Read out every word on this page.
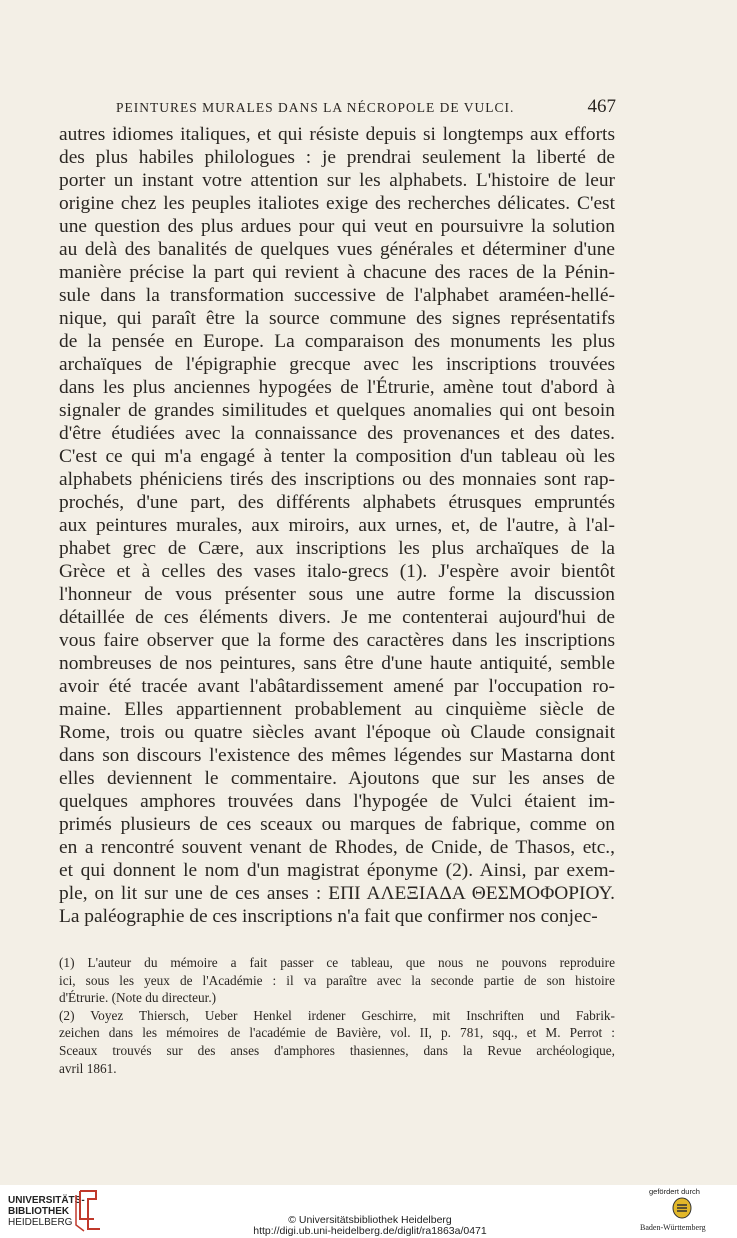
PEINTURES MURALES DANS LA NÉCROPOLE DE VULCI.	467
autres idiomes italiques, et qui résiste depuis si longtemps aux efforts
des plus habiles philologues : je prendrai seulement la liberté de
porter un instant votre attention sur les alphabets. L'histoire de leur
origine chez les peuples italiotes exige des recherches délicates. C'est
une question des plus ardues pour qui veut en poursuivre la solution
au delà des banalités de quelques vues générales et déterminer d'une
manière précise la part qui revient à chacune des races de la Pénin-
sule dans la transformation successive de l'alphabet araméen-hellé-
nique, qui paraît être la source commune des signes représentatifs
de la pensée en Europe. La comparaison des monuments les plus
archaïques de l'épigraphie grecque avec les inscriptions trouvées
dans les plus anciennes hypogées de l'Étrurie, amène tout d'abord à
signaler de grandes similitudes et quelques anomalies qui ont besoin
d'être étudiées avec la connaissance des provenances et des dates.
C'est ce qui m'a engagé à tenter la composition d'un tableau où les
alphabets phéniciens tirés des inscriptions ou des monnaies sont rap-
prochés, d'une part, des différents alphabets étrusques empruntés
aux peintures murales, aux miroirs, aux urnes, et, de l'autre, à l'al-
phabet grec de Cære, aux inscriptions les plus archaïques de la
Grèce et à celles des vases italo-grecs (1). J'espère avoir bientôt
l'honneur de vous présenter sous une autre forme la discussion
détaillée de ces éléments divers. Je me contenterai aujourd'hui de
vous faire observer que la forme des caractères dans les inscriptions
nombreuses de nos peintures, sans être d'une haute antiquité, semble
avoir été tracée avant l'abâtardissement amené par l'occupation ro-
maine. Elles appartiennent probablement au cinquième siècle de
Rome, trois ou quatre siècles avant l'époque où Claude consignait
dans son discours l'existence des mêmes légendes sur Mastarna dont
elles deviennent le commentaire. Ajoutons que sur les anses de
quelques amphores trouvées dans l'hypogée de Vulci étaient im-
primés plusieurs de ces sceaux ou marques de fabrique, comme on
en a rencontré souvent venant de Rhodes, de Cnide, de Thasos, etc.,
et qui donnent le nom d'un magistrat éponyme (2). Ainsi, par exem-
ple, on lit sur une de ces anses : ΕΠΙ ΑΛΕΞΙΑΔΑ ΘΕΣΜΟΦΟΡΙΟΥ.
La paléographie de ces inscriptions n'a fait que confirmer nos conjec-
(1) L'auteur du mémoire a fait passer ce tableau, que nous ne pouvons reproduire
ici, sous les yeux de l'Académie : il va paraître avec la seconde partie de son histoire
d'Étrurie. (Note du directeur.)
(2) Voyez Thiersch, Ueber Henkel irdener Geschirre, mit Inschriften und Fabrik-
zeichen dans les mémoires de l'académie de Bavière, vol. II, p. 781, sqq., et M. Perrot :
Sceaux trouvés sur des anses d'amphores thasiennes, dans la Revue archéologique,
avril 1861.
UNIVERSITÄTS-
BIBLIOTHEK
HEIDELBERG	© Universitätsbibliothek Heidelberg
http://digi.ub.uni-heidelberg.de/diglit/ra1863a/0471
gefördert durch
Baden-Württemberg
